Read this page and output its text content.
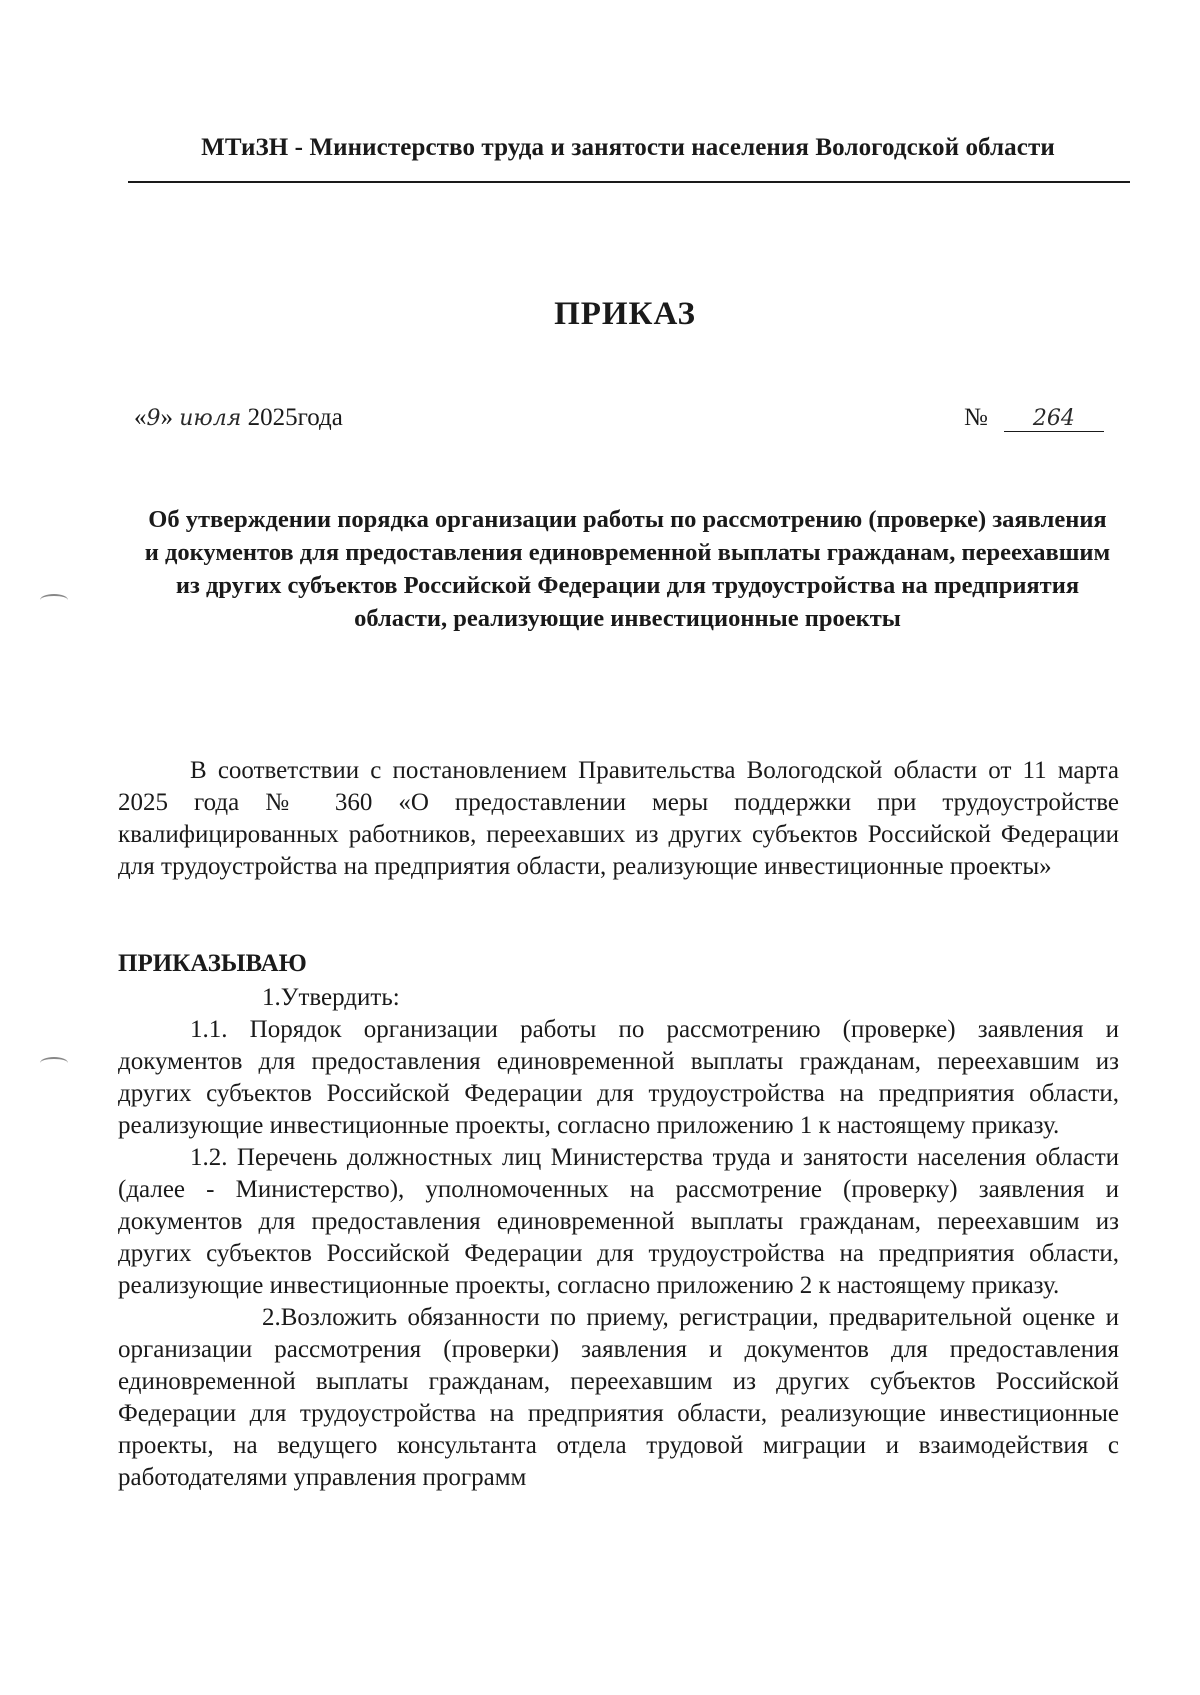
МТиЗН - Министерство труда и занятости населения Вологодской области
ПРИКАЗ
«9» июля 2025года	№ 264
Об утверждении порядка организации работы по рассмотрению (проверке) заявления и документов для предоставления единовременной выплаты гражданам, переехавшим из других субъектов Российской Федерации для трудоустройства на предприятия области, реализующие инвестиционные проекты
В соответствии с постановлением Правительства Вологодской области от 11 марта 2025 года № 360 «О предоставлении меры поддержки при трудоустройстве квалифицированных работников, переехавших из других субъектов Российской Федерации для трудоустройства на предприятия области, реализующие инвестиционные проекты»
ПРИКАЗЫВАЮ

1.Утвердить:

1.1. Порядок организации работы по рассмотрению (проверке) заявления и документов для предоставления единовременной выплаты гражданам, переехавшим из других субъектов Российской Федерации для трудоустройства на предприятия области, реализующие инвестиционные проекты, согласно приложению 1 к настоящему приказу.

1.2. Перечень должностных лиц Министерства труда и занятости населения области (далее - Министерство), уполномоченных на рассмотрение (проверку) заявления и документов для предоставления единовременной выплаты гражданам, переехавшим из других субъектов Российской Федерации для трудоустройства на предприятия области, реализующие инвестиционные проекты, согласно приложению 2 к настоящему приказу.

2.Возложить обязанности по приему, регистрации, предварительной оценке и организации рассмотрения (проверки) заявления и документов для предоставления единовременной выплаты гражданам, переехавшим из других субъектов Российской Федерации для трудоустройства на предприятия области, реализующие инвестиционные проекты, на ведущего консультанта отдела трудовой миграции и взаимодействия с работодателями управления программ
